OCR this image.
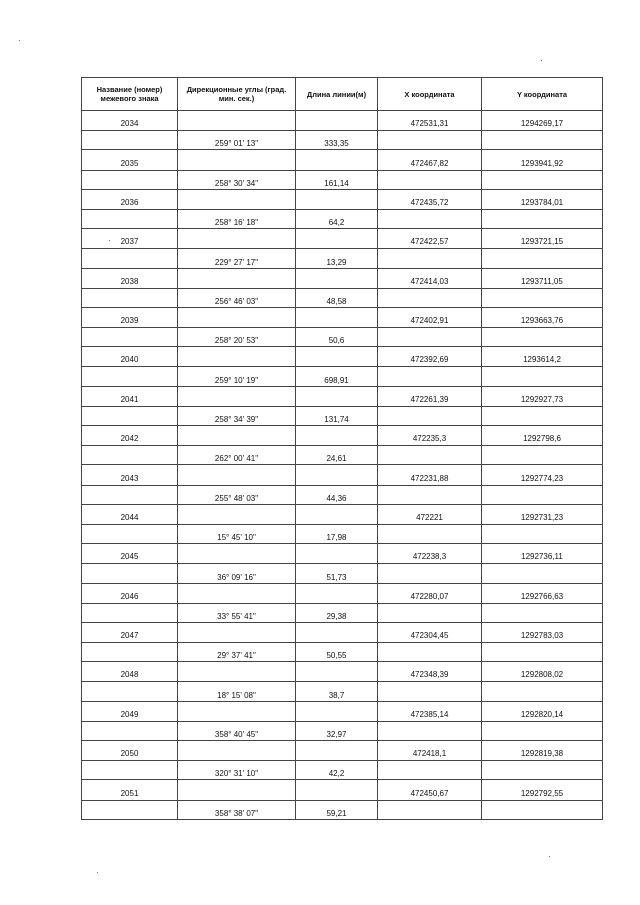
Название (номер) межевого знака	Дирекционные углы (град. мин. сек.)	Длина линии(м)	X координата	Y координата
2034			472531,31	1294269,17
	259° 01' 13"	333,35		
2035			472467,82	1293941,92
	258° 30' 34"	161,14		
2036			472435,72	1293784,01
	258° 16' 18"	64,2		
2037			472422,57	1293721,15
	229° 27' 17"	13,29		
2038			472414,03	1293711,05
	256° 46' 03"	48,58		
2039			472402,91	1293663,76
	258° 20' 53"	50,6		
2040			472392,69	1293614,2
	259° 10' 19"	698,91		
2041			472261,39	1292927,73
	258° 34' 39"	131,74		
2042			472235,3	1292798,6
	262° 00' 41"	24,61		
2043			472231,88	1292774,23
	255° 48' 03"	44,36		
2044			472221	1292731,23
	15° 45' 10"	17,98		
2045			472238,3	1292736,11
	36° 09' 16"	51,73		
2046			472280,07	1292766,63
	33° 55' 41"	29,38		
2047			472304,45	1292783,03
	29° 37' 41"	50,55		
2048			472348,39	1292808,02
	18° 15' 08"	38,7		
2049			472385,14	1292820,14
	358° 40' 45"	32,97		
2050			472418,1	1292819,38
	320° 31' 10"	42,2		
2051			472450,67	1292792,55
	358° 38' 07"	59,21		
